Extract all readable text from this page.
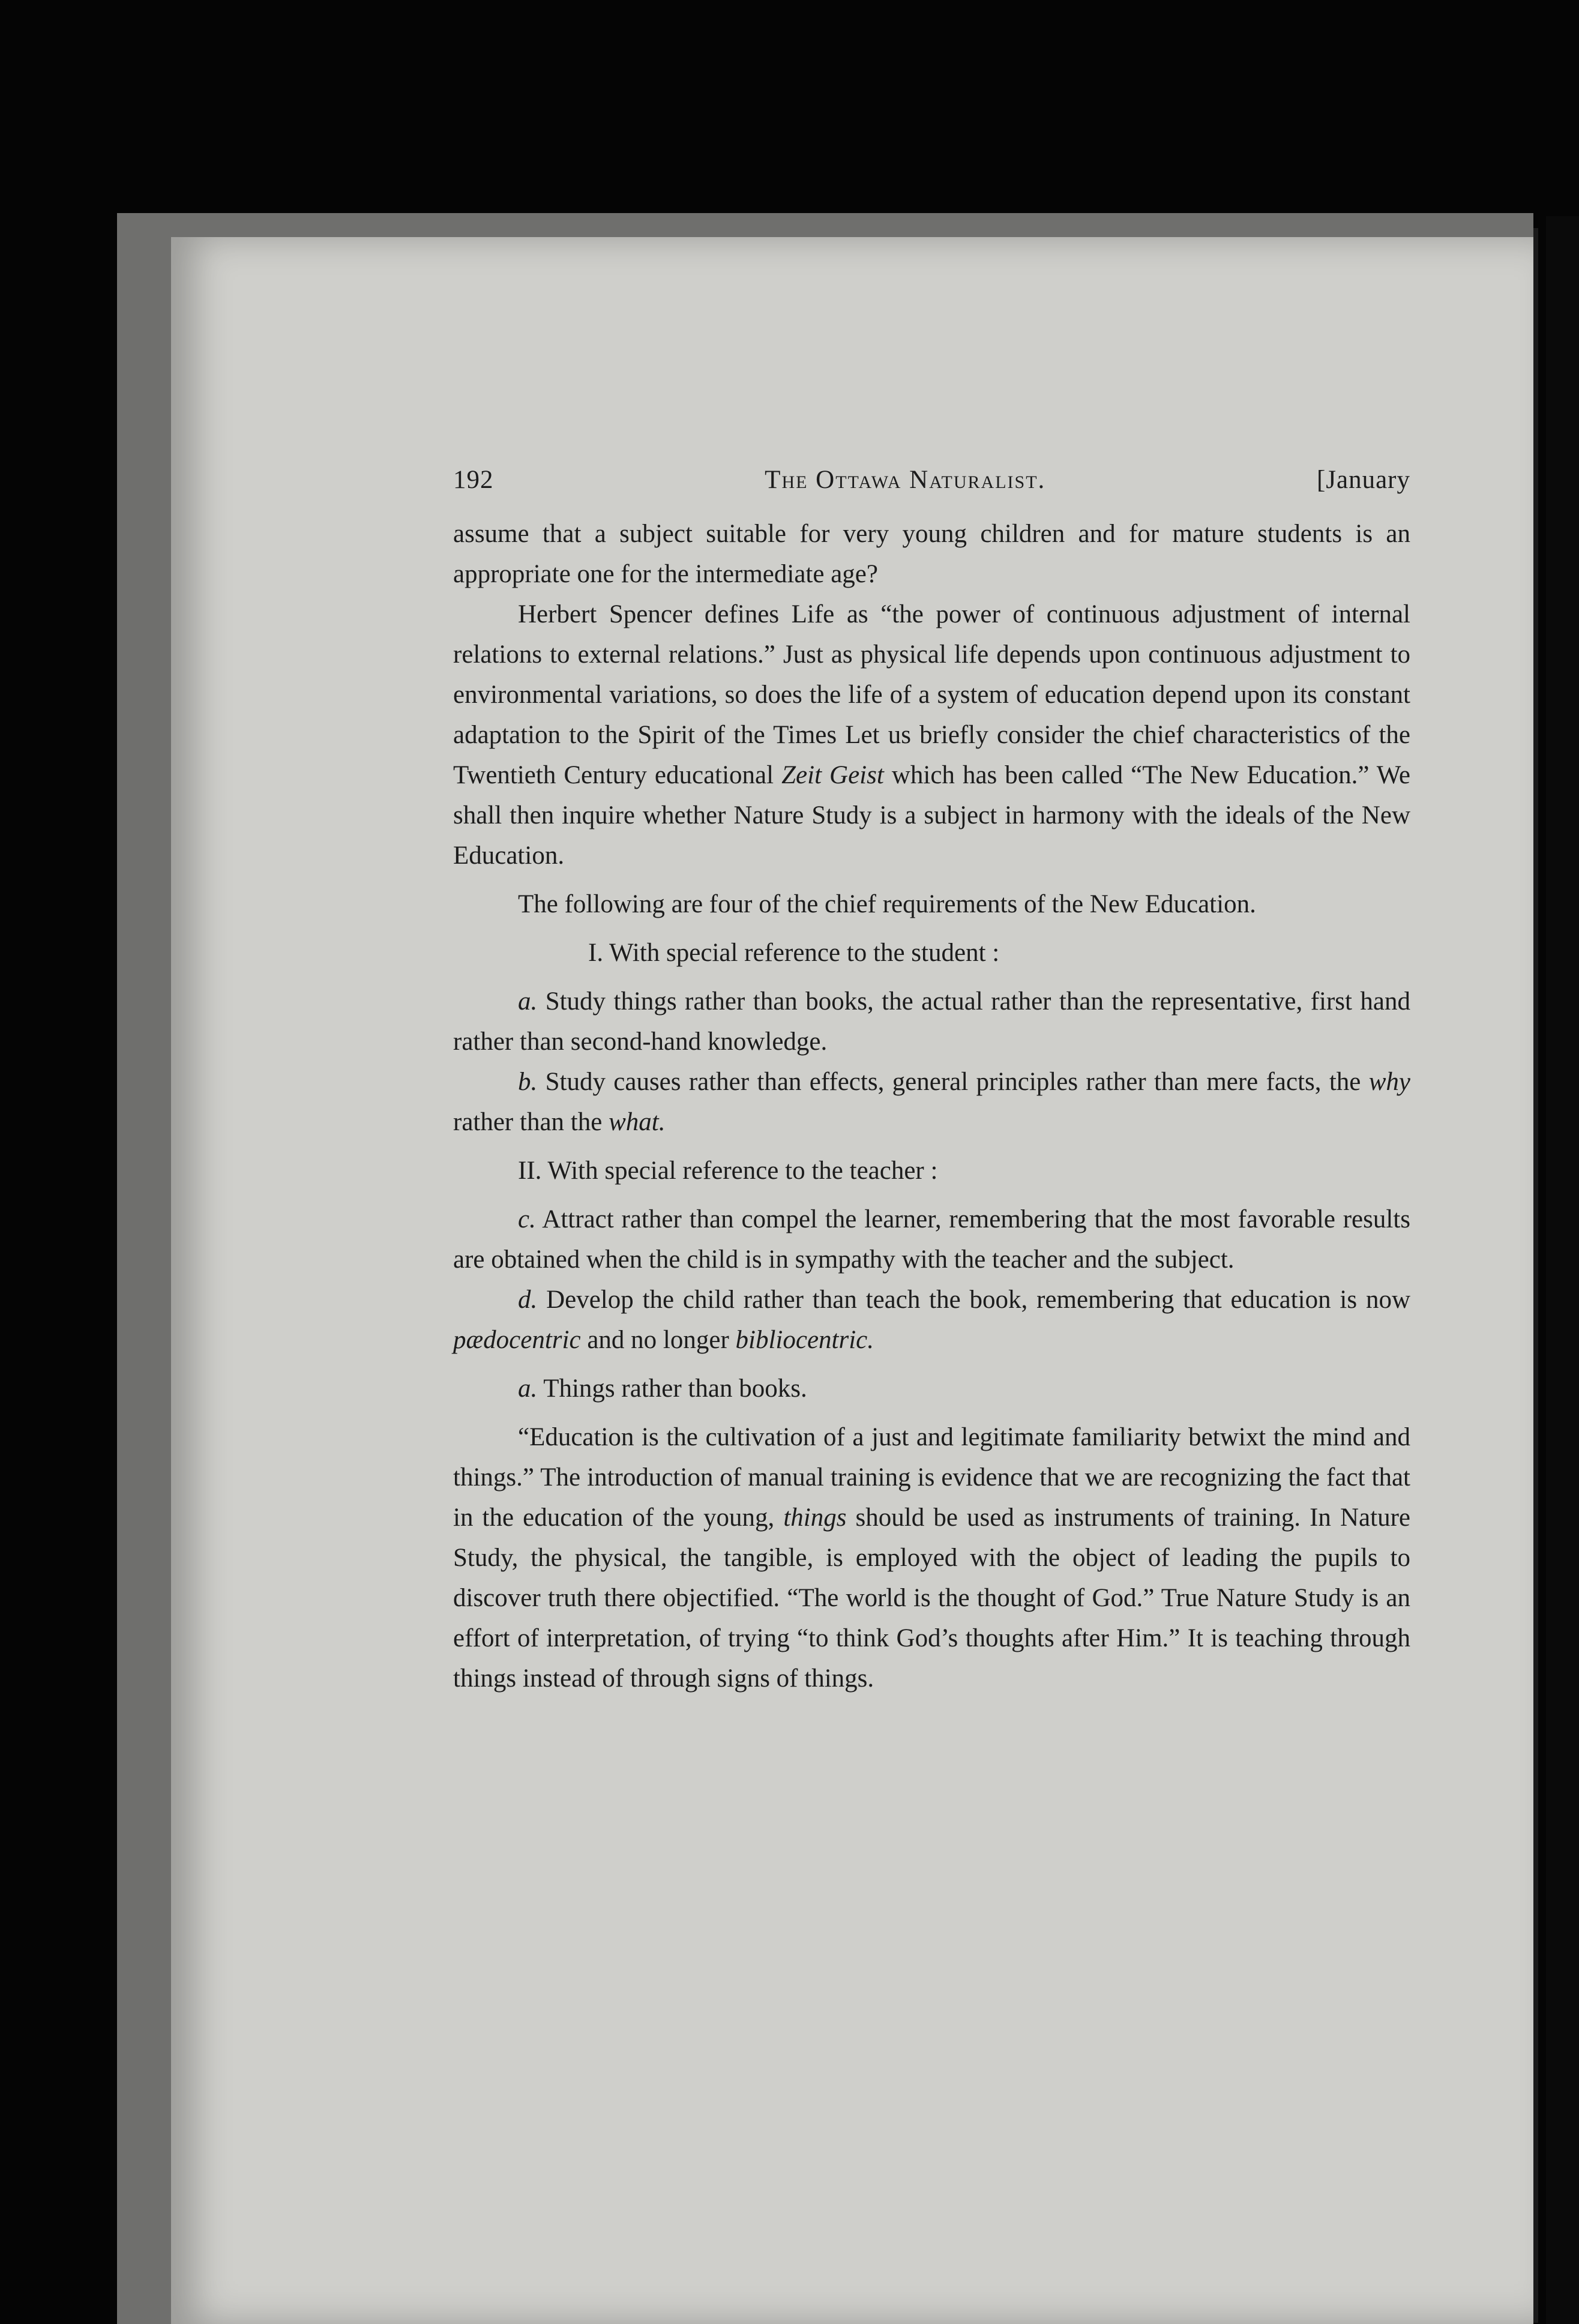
192	The Ottawa Naturalist.	[January

assume that a subject suitable for very young children and for mature students is an appropriate one for the intermediate age?

Herbert Spencer defines Life as “the power of continuous adjustment of internal relations to external relations.” Just as physical life depends upon continuous adjustment to environmental variations, so does the life of a system of education depend upon its constant adaptation to the Spirit of the Times Let us briefly consider the chief characteristics of the Twentieth Century educational Zeit Geist which has been called “The New Education.” We shall then inquire whether Nature Study is a subject in harmony with the ideals of the New Education.

The following are four of the chief requirements of the New Education.

I. With special reference to the student :

a. Study things rather than books, the actual rather than the representative, first hand rather than second-hand knowledge.

b. Study causes rather than effects, general principles rather than mere facts, the why rather than the what.

II. With special reference to the teacher :

c. Attract rather than compel the learner, remembering that the most favorable results are obtained when the child is in sympathy with the teacher and the subject.

d. Develop the child rather than teach the book, remembering that education is now pædocentric and no longer bibliocentric.

a. Things rather than books.

“Education is the cultivation of a just and legitimate familiarity betwixt the mind and things.” The introduction of manual training is evidence that we are recognizing the fact that in the education of the young, things should be used as instruments of training. In Nature Study, the physical, the tangible, is employed with the object of leading the pupils to discover truth there objectified. “The world is the thought of God.” True Nature Study is an effort of interpretation, of trying “to think God’s thoughts after Him.” It is teaching through things instead of through signs of things.
